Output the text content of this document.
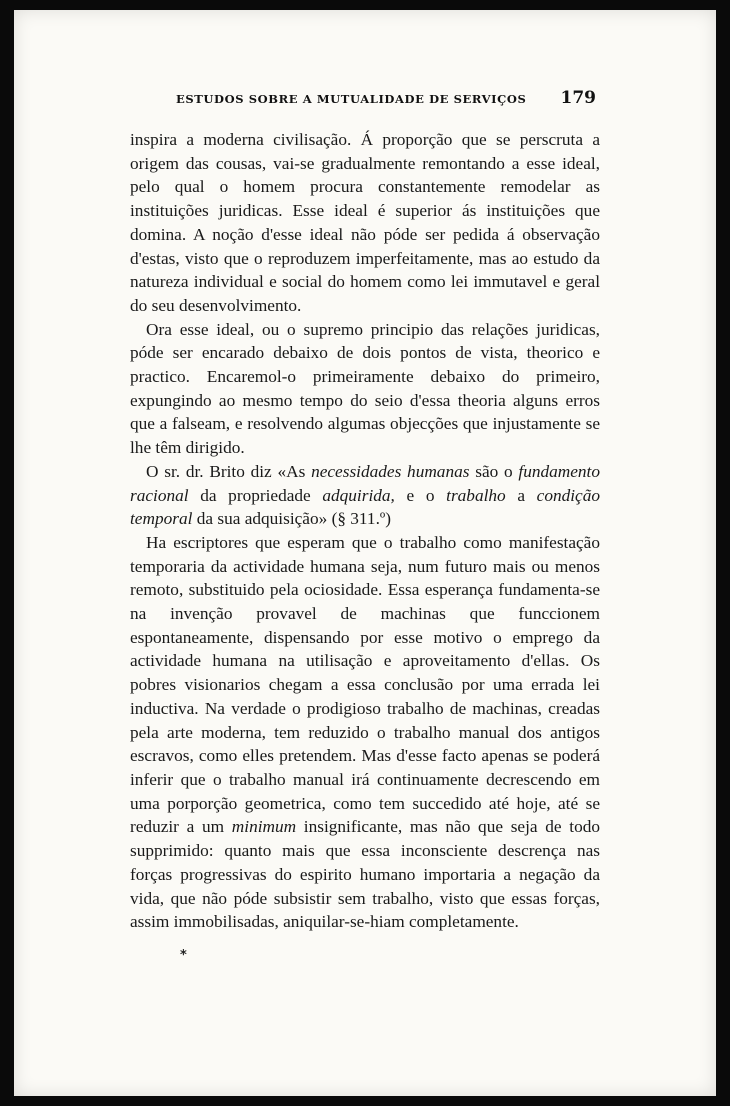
ESTUDOS SOBRE A MUTUALIDADE DE SERVIÇOS 179

inspira a moderna civilisação. Á proporção que se perscruta a origem das cousas, vai-se gradualmente remontando a esse ideal, pelo qual o homem procura constantemente remodelar as instituições juridicas. Esse ideal é superior ás instituições que domina. A noção d'esse ideal não póde ser pedida á observação d'estas, visto que o reproduzem imperfeitamente, mas ao estudo da natureza individual e social do homem como lei immutavel e geral do seu desenvolvimento.

Ora esse ideal, ou o supremo principio das relações juridicas, póde ser encarado debaixo de dois pontos de vista, theorico e practico. Encaremol-o primeiramente debaixo do primeiro, expungindo ao mesmo tempo do seio d'essa theoria alguns erros que a falseam, e resolvendo algumas objecções que injustamente se lhe têm dirigido.

O sr. dr. Brito diz «As necessidades humanas são o fundamento racional da propriedade adquirida, e o trabalho a condição temporal da sua adquisição» (§ 311.º)

Ha escriptores que esperam que o trabalho como manifestação temporaria da actividade humana seja, num futuro mais ou menos remoto, substituido pela ociosidade. Essa esperança fundamenta-se na invenção provavel de machinas que funccionem espontaneamente, dispensando por esse motivo o emprego da actividade humana na utilisação e aproveitamento d'ellas. Os pobres visionarios chegam a essa conclusão por uma errada lei inductiva. Na verdade o prodigioso trabalho de machinas, creadas pela arte moderna, tem reduzido o trabalho manual dos antigos escravos, como elles pretendem. Mas d'esse facto apenas se poderá inferir que o trabalho manual irá continuamente decrescendo em uma porporção geometrica, como tem succedido até hoje, até se reduzir a um minimum insignificante, mas não que seja de todo supprimido: quanto mais que essa inconsciente descrença nas forças progressivas do espirito humano importaria a negação da vida, que não póde subsistir sem trabalho, visto que essas forças, assim immobilisadas, aniquilar-se-hiam completamente.

*
